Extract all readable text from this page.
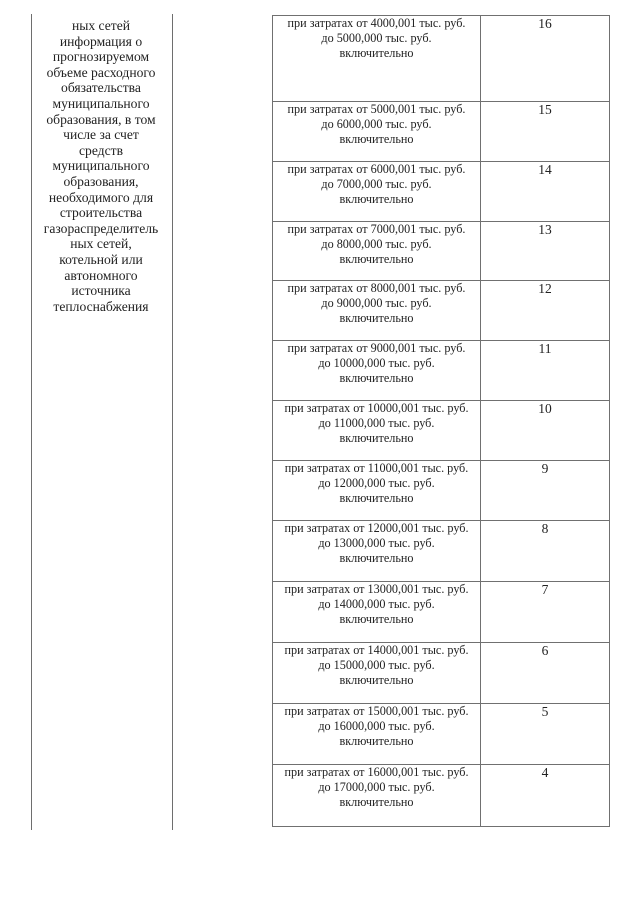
ных сетей
информация о
прогнозируемом
объеме расходного
обязательства
муниципального
образования, в том
числе за счет
средств
муниципального
образования,
необходимого для
строительства
газораспределитель
ных сетей,
котельной или
автономного
источника
теплоснабжения
при затратах от 4000,001 тыс. руб.
до 5000,000 тыс. руб.
включительно	16

при затратах от 5000,001 тыс. руб.
до 6000,000 тыс. руб.
включительно	15

при затратах от 6000,001 тыс. руб.
до 7000,000 тыс. руб.
включительно	14

при затратах от 7000,001 тыс. руб.
до 8000,000 тыс. руб.
включительно	13

при затратах от 8000,001 тыс. руб.
до 9000,000 тыс. руб.
включительно	12

при затратах от 9000,001 тыс. руб.
до 10000,000 тыс. руб.
включительно	11

при затратах от 10000,001 тыс. руб.
до 11000,000 тыс. руб.
включительно	10

при затратах от 11000,001 тыс. руб.
до 12000,000 тыс. руб.
включительно	9

при затратах от 12000,001 тыс. руб.
до 13000,000 тыс. руб.
включительно	8

при затратах от 13000,001 тыс. руб.
до 14000,000 тыс. руб.
включительно	7

при затратах от 14000,001 тыс. руб.
до 15000,000 тыс. руб.
включительно	6

при затратах от 15000,001 тыс. руб.
до 16000,000 тыс. руб.
включительно	5

при затратах от 16000,001 тыс. руб.
до 17000,000 тыс. руб.
включительно	4
